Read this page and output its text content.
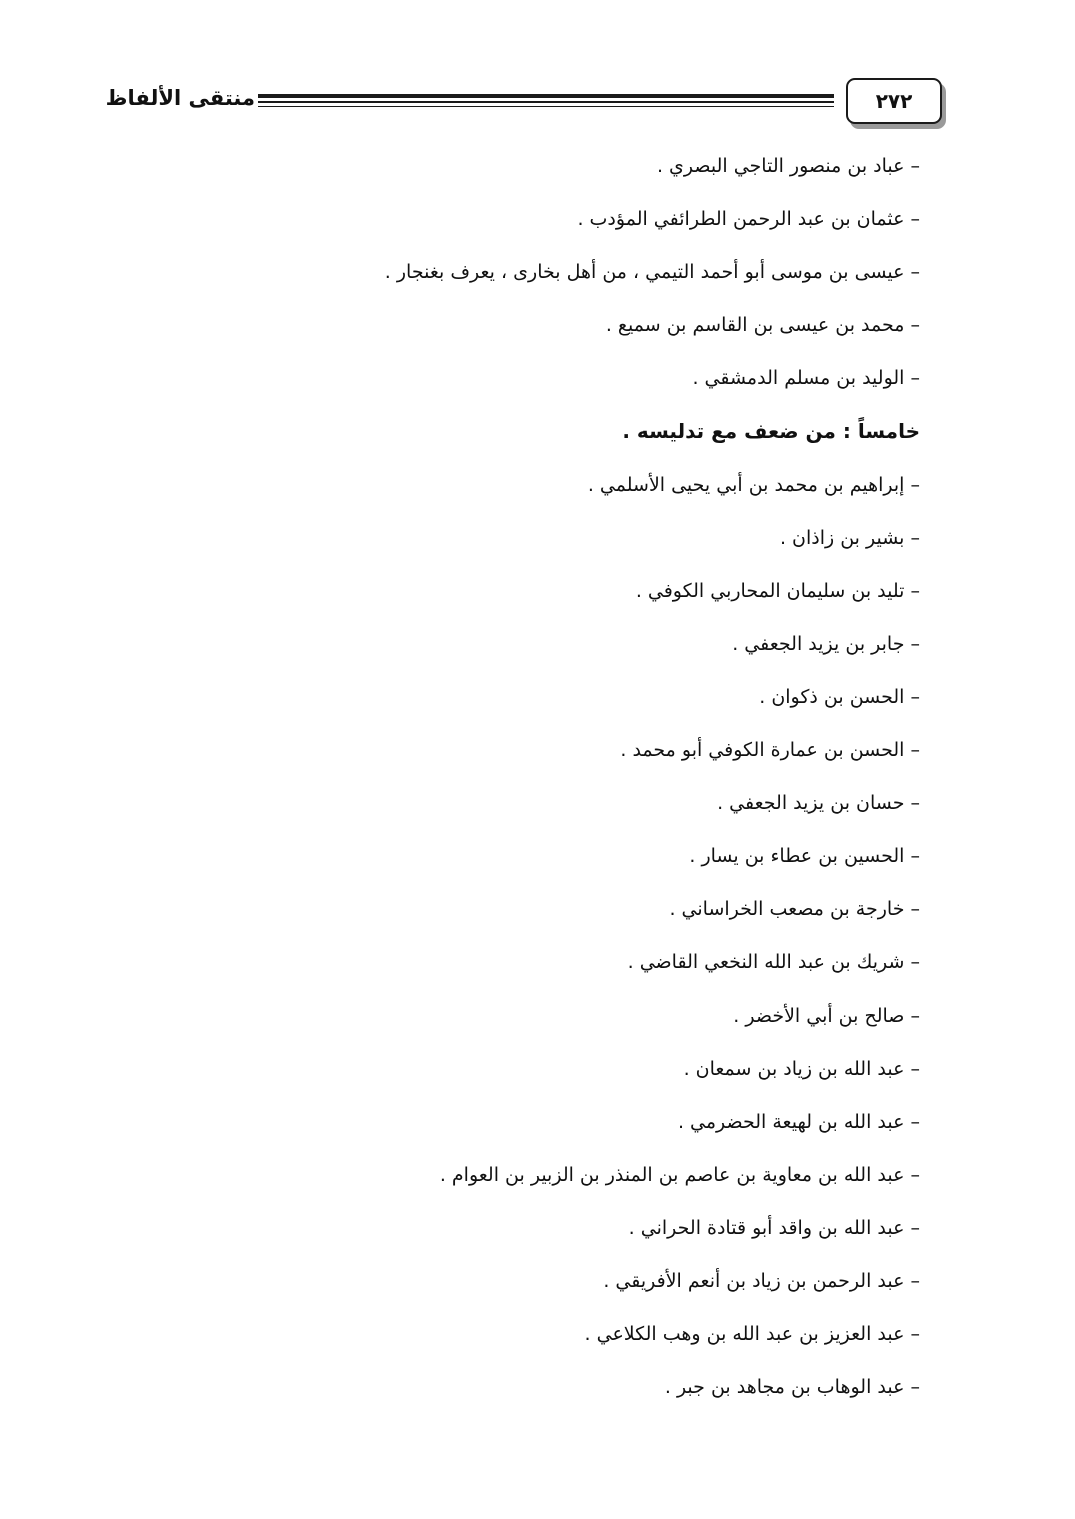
٢٧٢
منتقى الألفاظ
– عباد بن منصور التاجي البصري .
– عثمان بن عبد الرحمن الطرائفي المؤدب .
– عيسى بن موسى أبو أحمد التيمي ، من أهل بخارى ، يعرف بغنجار .
– محمد بن عيسى بن القاسم بن سميع .
– الوليد بن مسلم الدمشقي .
خامساً : من ضعف مع تدليسه .
– إبراهيم بن محمد بن أبي يحيى الأسلمي .
– بشير بن زاذان .
– تليد بن سليمان المحاربي الكوفي .
– جابر بن يزيد الجعفي .
– الحسن بن ذكوان .
– الحسن بن عمارة الكوفي أبو محمد .
– حسان بن يزيد الجعفي .
– الحسين بن عطاء بن يسار .
– خارجة بن مصعب الخراساني .
– شريك بن عبد الله النخعي القاضي .
– صالح بن أبي الأخضر .
– عبد الله بن زياد بن سمعان .
– عبد الله بن لهيعة الحضرمي .
– عبد الله بن معاوية بن عاصم بن المنذر بن الزبير بن العوام .
– عبد الله بن واقد أبو قتادة الحراني .
– عبد الرحمن بن زياد بن أنعم الأفريقي .
– عبد العزيز بن عبد الله بن وهب الكلاعي .
– عبد الوهاب بن مجاهد بن جبر .
